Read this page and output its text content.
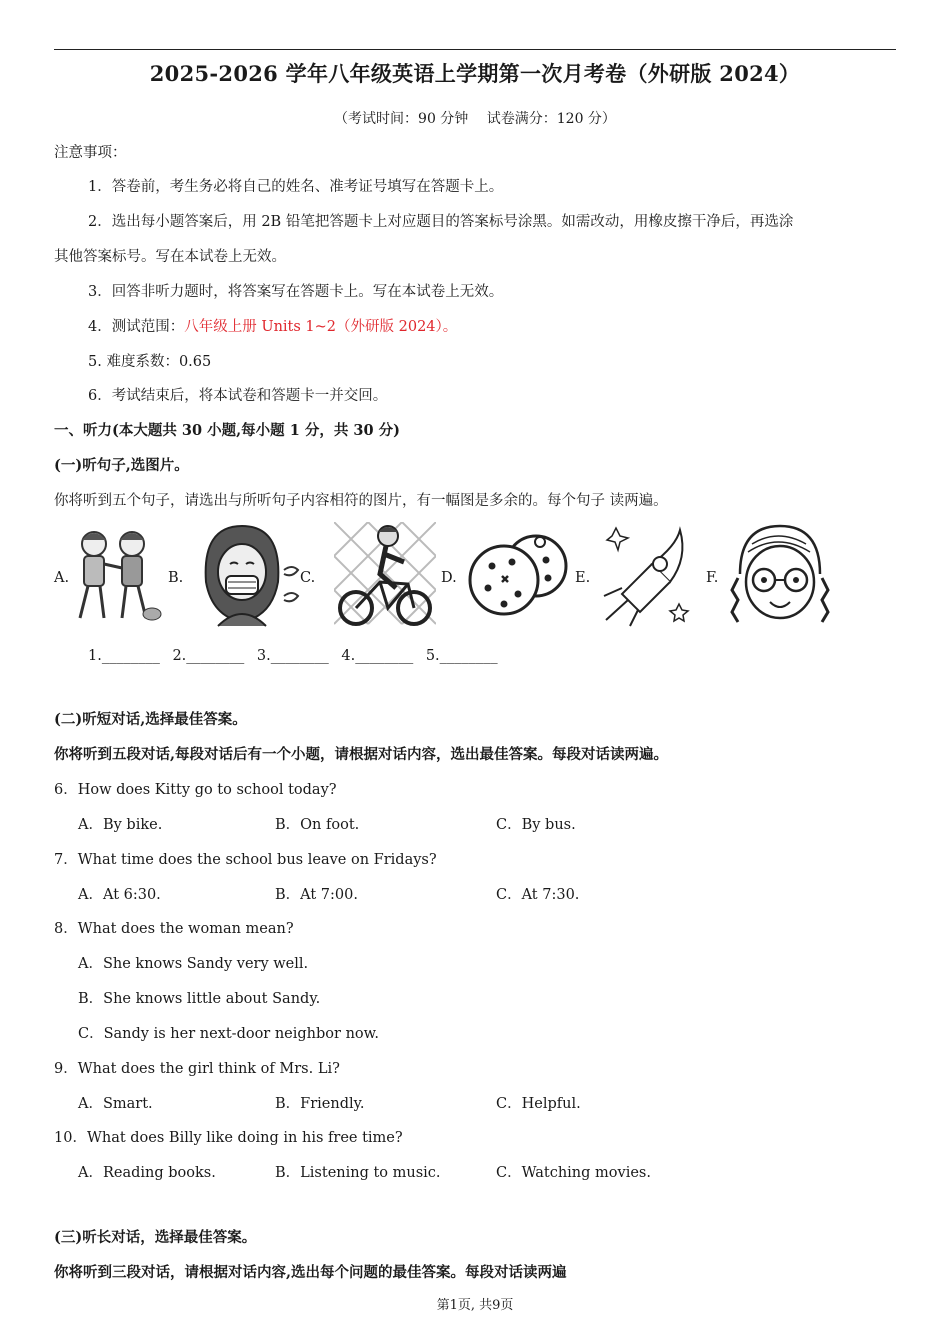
2025-2026 学年八年级英语上学期第一次月考卷（外研版 2024）
（考试时间：90 分钟　 试卷满分：120 分）
注意事项：
1．答卷前，考生务必将自己的姓名、准考证号填写在答题卡上。
2．选出每小题答案后，用 2B 铅笔把答题卡上对应题目的答案标号涂黑。如需改动，用橡皮擦干净后，再选涂
其他答案标号。写在本试卷上无效。
3．回答非听力题时，将答案写在答题卡上。写在本试卷上无效。
4．测试范围：八年级上册 Units 1~2（外研版 2024）。
5. 难度系数：0.65
6．考试结束后，将本试卷和答题卡一并交回。
一、听力(本大题共 30 小题,每小题 1 分，共 30 分)
(一)听句子,选图片。
你将听到五个句子，请选出与所听句子内容相符的图片，有一幅图是多余的。每个句子 读两遍。
A.	B.	C.	D.	E.	F.
1.________ 2.________ 3.________ 4.________ 5.________
(二)听短对话,选择最佳答案。
你将听到五段对话,每段对话后有一个小题，请根据对话内容，选出最佳答案。每段对话读两遍。
6．How does Kitty go to school today?
A．By bike.	B．On foot.	C．By bus.
7．What time does the school bus leave on Fridays?
A．At 6:30.	B．At 7:00.	C．At 7:30.
8．What does the woman mean?
A．She knows Sandy very well.
B．She knows little about Sandy.
C．Sandy is her next-door neighbor now.
9．What does the girl think of Mrs. Li?
A．Smart.	B．Friendly.	C．Helpful.
10．What does Billy like doing in his free time?
A．Reading books.	B．Listening to music.	C．Watching movies.
(三)听长对话，选择最佳答案。
你将听到三段对话，请根据对话内容,选出每个问题的最佳答案。每段对话读两遍
第1页, 共9页
